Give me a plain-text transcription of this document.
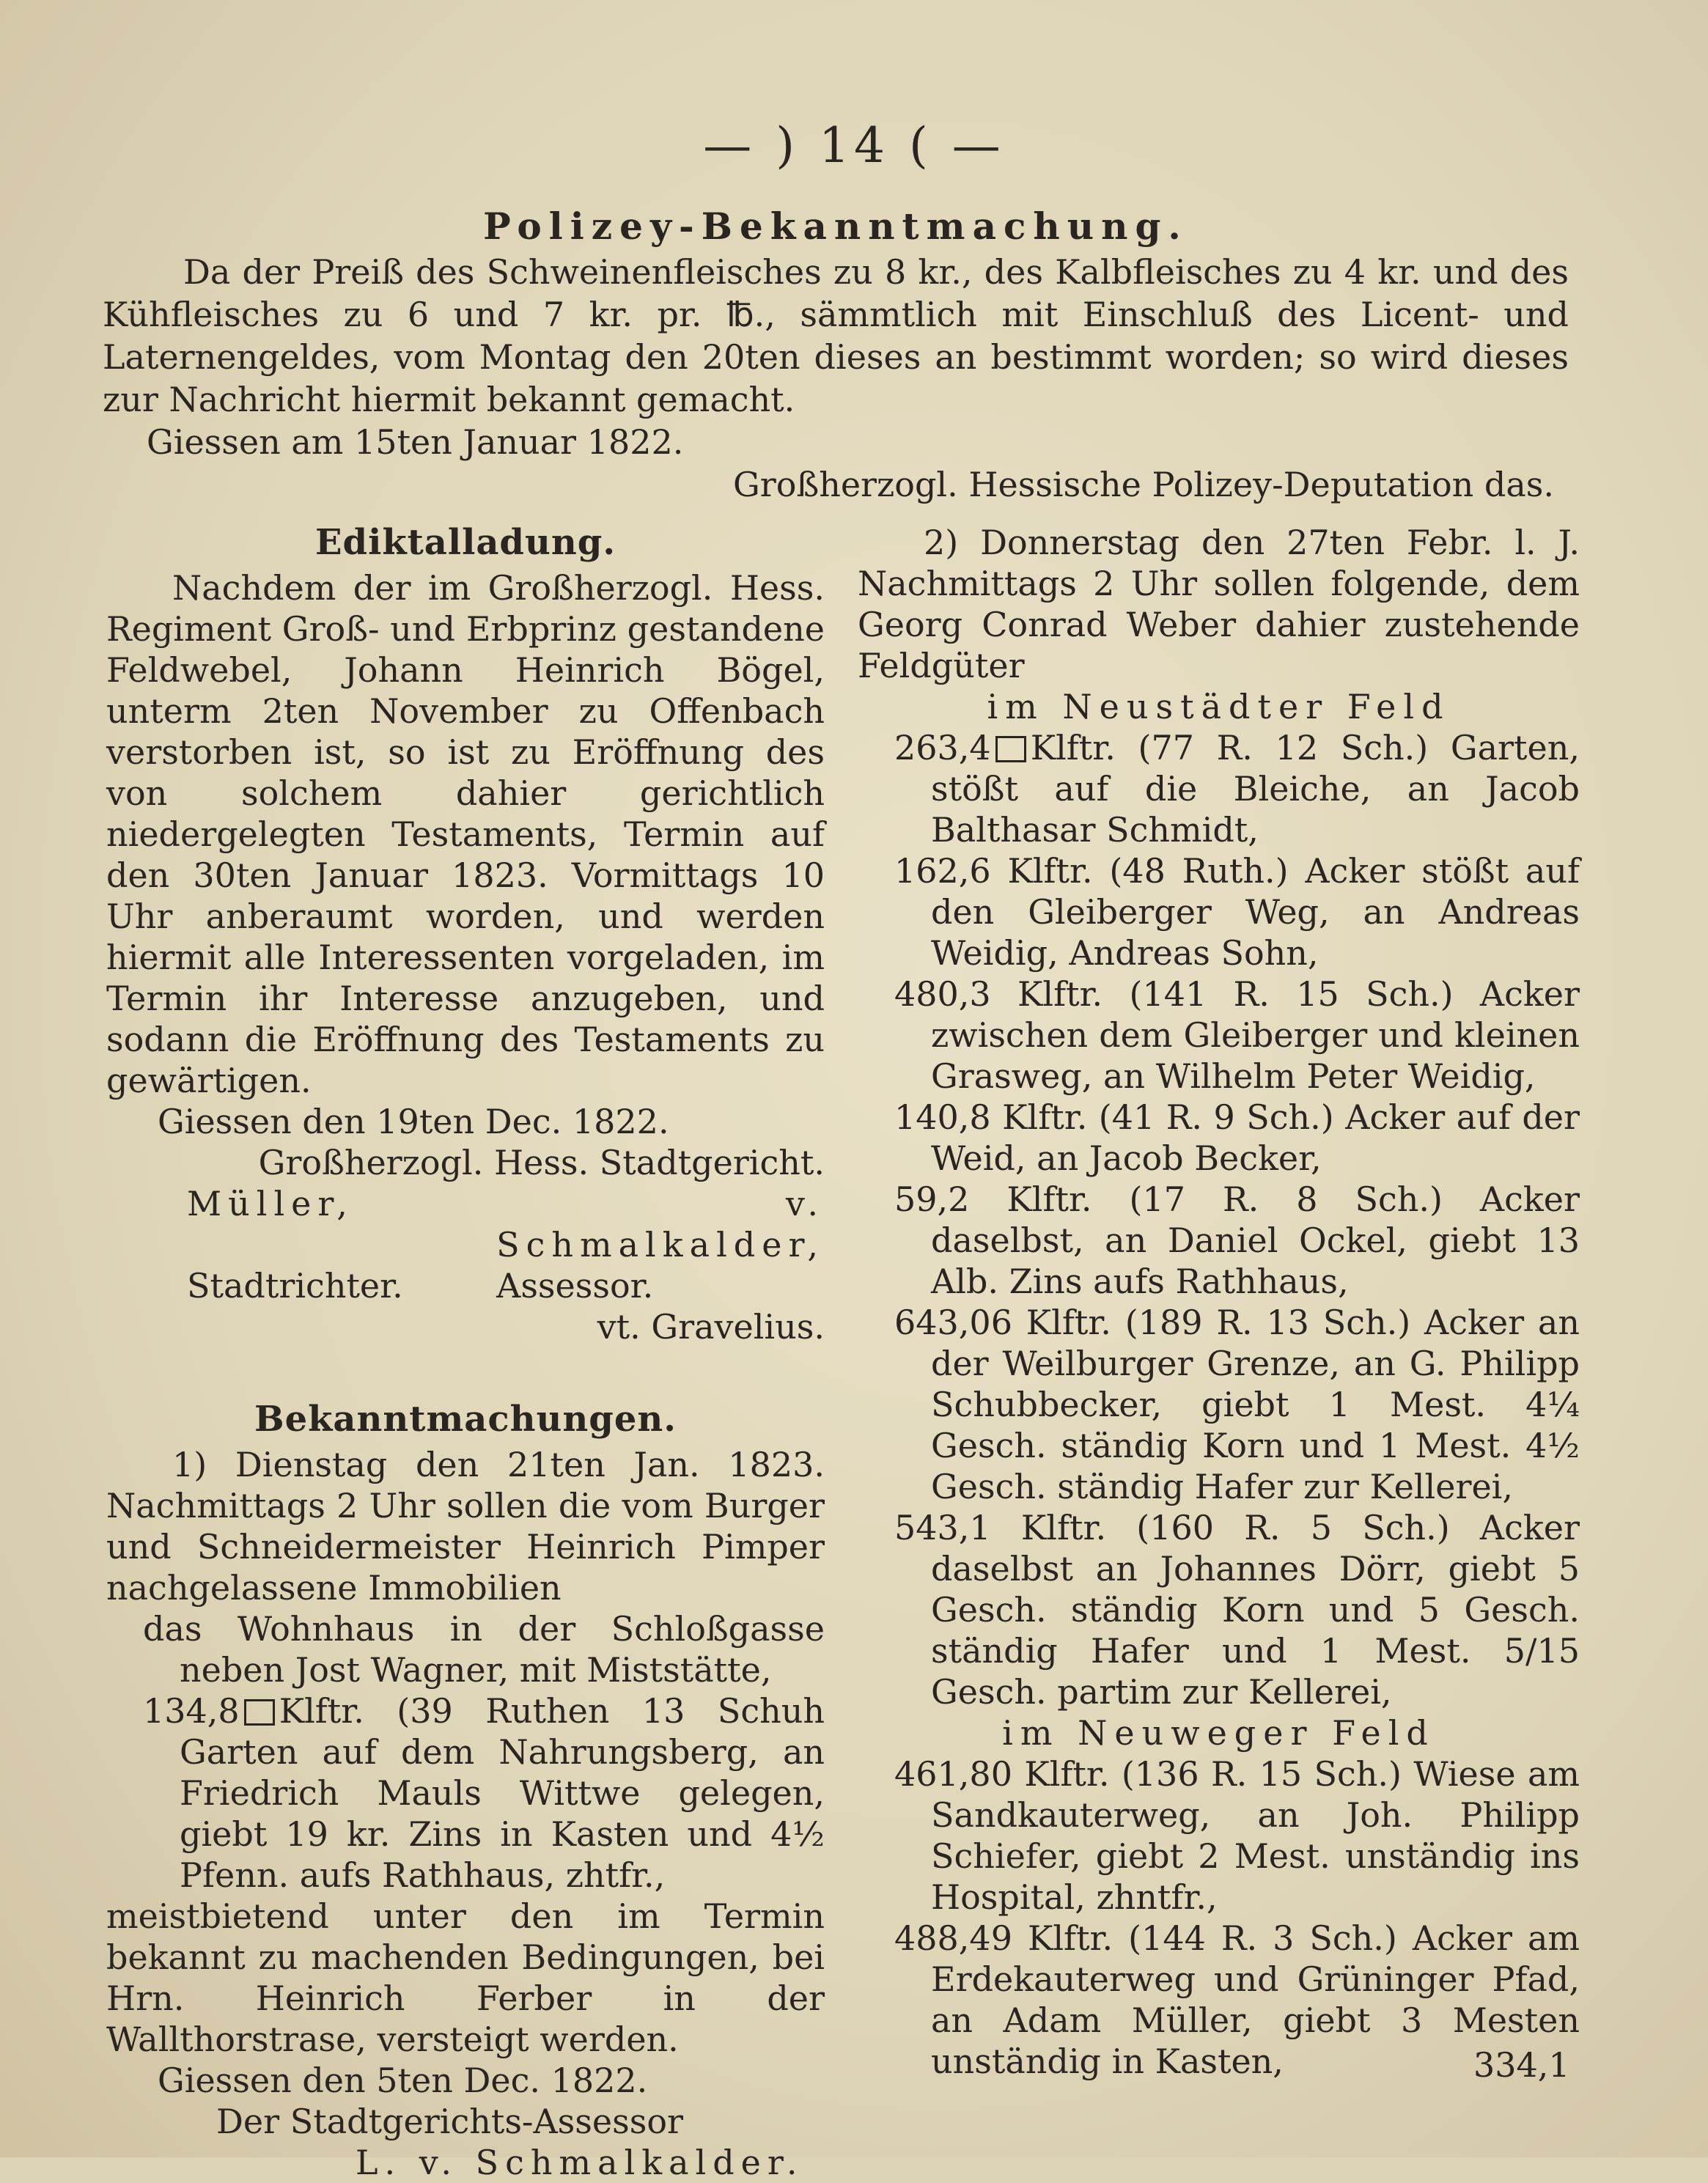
— ) 14 ( —
Polizey-Bekanntmachung.
Da der Preiß des Schweinenfleisches zu 8 kr., des Kalbfleisches zu 4 kr. und des Kühfleisches zu 6 und 7 kr. pr. ℔., sämmtlich mit Einschluß des Licent- und Laternengeldes, vom Montag den 20ten dieses an bestimmt worden; so wird dieses zur Nachricht hiermit bekannt gemacht.
Giessen am 15ten Januar 1822.
Großherzogl. Hessische Polizey-Deputation das.
Ediktalladung.
Nachdem der im Großherzogl. Hess. Regiment Groß- und Erbprinz gestandene Feldwebel, Johann Heinrich Bögel, unterm 2ten November zu Offenbach verstorben ist, so ist zu Eröffnung des von solchem dahier gerichtlich niedergelegten Testaments, Termin auf den 30ten Januar 1823. Vormittags 10 Uhr anberaumt worden, und werden hiermit alle Interessenten vorgeladen, im Termin ihr Interesse anzugeben, und sodann die Eröffnung des Testaments zu gewärtigen.
Giessen den 19ten Dec. 1822.
Großherzogl. Hess. Stadtgericht.
Müller,	v. Schmalkalder,
Stadtrichter.	Assessor.
vt. Gravelius.
Bekanntmachungen.
1) Dienstag den 21ten Jan. 1823. Nachmittags 2 Uhr sollen die vom Burger und Schneidermeister Heinrich Pimper nachgelassene Immobilien
das Wohnhaus in der Schloßgasse neben Jost Wagner, mit Miststätte,
134,8 Klftr. (39 Ruthen 13 Schuh Garten auf dem Nahrungsberg, an Friedrich Mauls Wittwe gelegen, giebt 19 kr. Zins in Kasten und 4½ Pfenn. aufs Rathhaus, zhtfr.,
meistbietend unter den im Termin bekannt zu machenden Bedingungen, bei Hrn. Heinrich Ferber in der Wallthorstrase, versteigt werden.
Giessen den 5ten Dec. 1822.
Der Stadtgerichts-Assessor
L. v. Schmalkalder.
2) Donnerstag den 27ten Febr. l. J. Nachmittags 2 Uhr sollen folgende, dem Georg Conrad Weber dahier zustehende Feldgüter
im Neustädter Feld
263,4 Klftr. (77 R. 12 Sch.) Garten, stößt auf die Bleiche, an Jacob Balthasar Schmidt,
162,6 Klftr. (48 Ruth.) Acker stößt auf den Gleiberger Weg, an Andreas Weidig, Andreas Sohn,
480,3 Klftr. (141 R. 15 Sch.) Acker zwischen dem Gleiberger und kleinen Grasweg, an Wilhelm Peter Weidig,
140,8 Klftr. (41 R. 9 Sch.) Acker auf der Weid, an Jacob Becker,
59,2 Klftr. (17 R. 8 Sch.) Acker daselbst, an Daniel Ockel, giebt 13 Alb. Zins aufs Rathhaus,
643,06 Klftr. (189 R. 13 Sch.) Acker an der Weilburger Grenze, an G. Philipp Schubbecker, giebt 1 Mest. 4¼ Gesch. ständig Korn und 1 Mest. 4½ Gesch. ständig Hafer zur Kellerei,
543,1 Klftr. (160 R. 5 Sch.) Acker daselbst an Johannes Dörr, giebt 5 Gesch. ständig Korn und 5 Gesch. ständig Hafer und 1 Mest. 5/15 Gesch. partim zur Kellerei,
im Neuweger Feld
461,80 Klftr. (136 R. 15 Sch.) Wiese am Sandkauterweg, an Joh. Philipp Schiefer, giebt 2 Mest. unständig ins Hospital, zhntfr.,
488,49 Klftr. (144 R. 3 Sch.) Acker am Erdekauterweg und Grüninger Pfad, an Adam Müller, giebt 3 Mesten unständig in Kasten,	334,1
